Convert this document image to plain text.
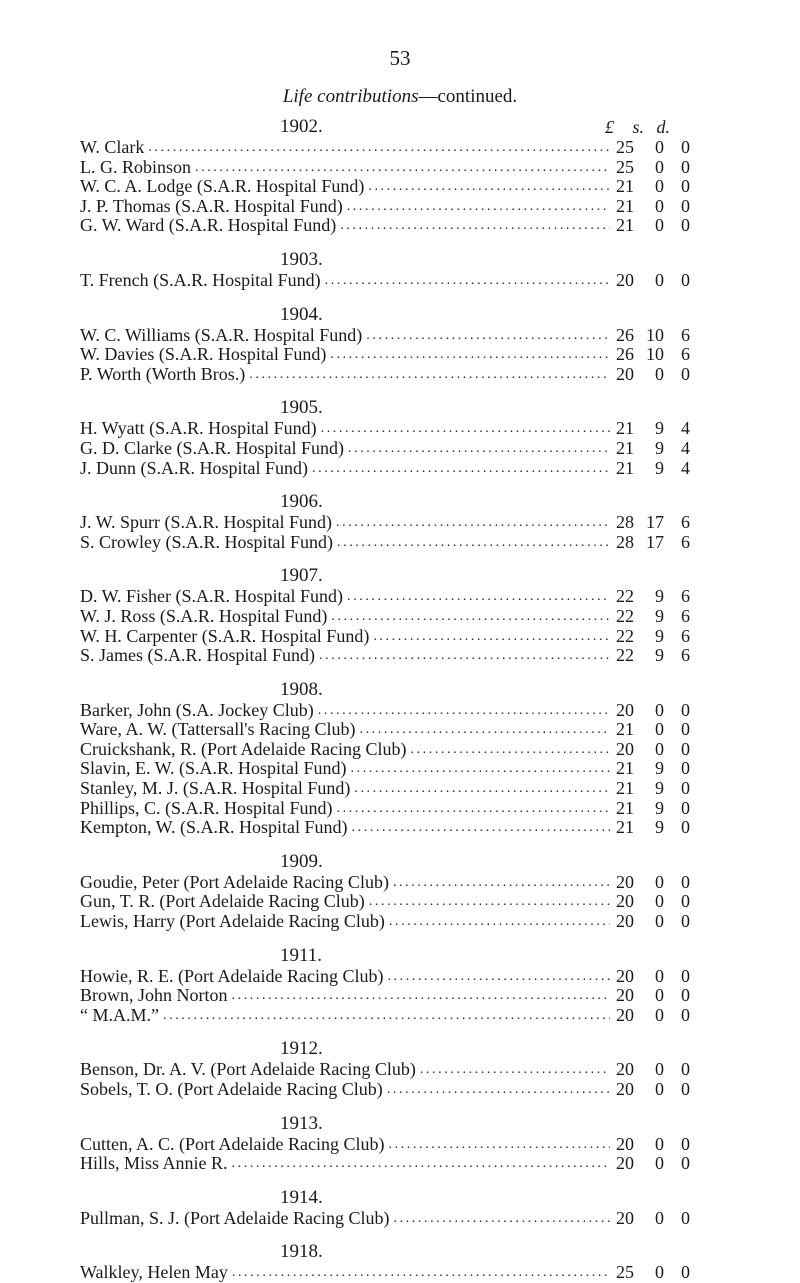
53
Life contributions—continued.
1902.	£	s. d.
W. Clark .....	25	0 0
L. G. Robinson .....	25	0 0
W. C. A. Lodge (S.A.R. Hospital Fund) .....	21	0 0
J. P. Thomas (S.A.R. Hospital Fund) .....	21	0 0
G. W. Ward (S.A.R. Hospital Fund) .....	21	0 0
1903.
T. French (S.A.R. Hospital Fund) .....	20	0 0
1904.
W. C. Williams (S.A.R. Hospital Fund) .....	26 10 6
W. Davies (S.A.R. Hospital Fund) .....	26 10 6
P. Worth (Worth Bros.) .....	20	0 0
1905.
H. Wyatt (S.A.R. Hospital Fund) .....	21	9 4
G. D. Clarke (S.A.R. Hospital Fund) .....	21	9 4
J. Dunn (S.A.R. Hospital Fund) .....	21	9 4
1906.
J. W. Spurr (S.A.R. Hospital Fund) .....	28 17 6
S. Crowley (S.A.R. Hospital Fund) .....	28 17 6
1907.
D. W. Fisher (S.A.R. Hospital Fund) .....	22	9 6
W. J. Ross (S.A.R. Hospital Fund) .....	22	9 6
W. H. Carpenter (S.A.R. Hospital Fund) .....	22	9 6
S. James (S.A.R. Hospital Fund) .....	22	9 6
1908.
Barker, John (S.A. Jockey Club) .....	20	0 0
Ware, A. W. (Tattersall's Racing Club) .....	21	0 0
Cruickshank, R. (Port Adelaide Racing Club) .....	20	0 0
Slavin, E. W. (S.A.R. Hospital Fund) .....	21	9 0
Stanley, M. J. (S.A.R. Hospital Fund) .....	21	9 0
Phillips, C. (S.A.R. Hospital Fund) .....	21	9 0
Kempton, W. (S.A.R. Hospital Fund) .....	21	9 0
1909.
Goudie, Peter (Port Adelaide Racing Club) .....	20	0 0
Gun, T. R. (Port Adelaide Racing Club) .....	20	0 0
Lewis, Harry (Port Adelaide Racing Club) .....	20	0 0
1911.
Howie, R. E. (Port Adelaide Racing Club) .....	20	0 0
Brown, John Norton .....	20	0 0
“ M.A.M.” .....	20	0 0
1912.
Benson, Dr. A. V. (Port Adelaide Racing Club) .....	20	0 0
Sobels, T. O. (Port Adelaide Racing Club) .....	20	0 0
1913.
Cutten, A. C. (Port Adelaide Racing Club) .....	20	0 0
Hills, Miss Annie R. .....	20	0 0
1914.
Pullman, S. J. (Port Adelaide Racing Club) .....	20	0 0
1918.
Walkley, Helen May .....	25	0 0
